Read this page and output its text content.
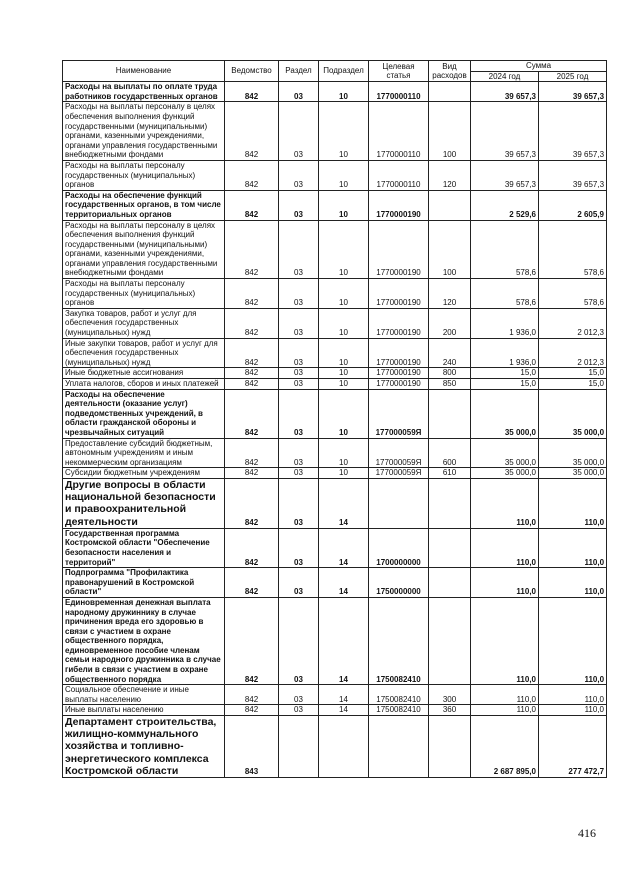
Наименование	Ведомство	Раздел	Подраздел	Целевая статья	Вид расходов	Сумма	
						2024 год	2025 год
Расходы на выплаты по оплате труда работников государственных органов	842	03	10	1770000110		39 657,3	39 657,3
Расходы на выплаты персоналу в целях обеспечения выполнения функций государственными (муниципальными) органами, казенными учреждениями, органами управления государственными внебюджетными фондами	842	03	10	1770000110	100	39 657,3	39 657,3
Расходы на выплаты персоналу государственных (муниципальных) органов	842	03	10	1770000110	120	39 657,3	39 657,3
Расходы на обеспечение функций государственных органов, в том числе территориальных органов	842	03	10	1770000190		2 529,6	2 605,9
Расходы на выплаты персоналу в целях обеспечения выполнения функций государственными (муниципальными) органами, казенными учреждениями, органами управления государственными внебюджетными фондами	842	03	10	1770000190	100	578,6	578,6
Расходы на выплаты персоналу государственных (муниципальных) органов	842	03	10	1770000190	120	578,6	578,6
Закупка товаров, работ и услуг для обеспечения государственных (муниципальных) нужд	842	03	10	1770000190	200	1 936,0	2 012,3
Иные закупки товаров, работ и услуг для обеспечения государственных (муниципальных) нужд	842	03	10	1770000190	240	1 936,0	2 012,3
Иные бюджетные ассигнования	842	03	10	1770000190	800	15,0	15,0
Уплата налогов, сборов и иных платежей	842	03	10	1770000190	850	15,0	15,0
Расходы на обеспечение деятельности (оказание услуг) подведомственных учреждений, в области гражданской обороны и чрезвычайных ситуаций	842	03	10	177000059Я		35 000,0	35 000,0
Предоставление субсидий бюджетным, автономным учреждениям и иным некоммерческим организациям	842	03	10	177000059Я	600	35 000,0	35 000,0
Субсидии бюджетным учреждениям	842	03	10	177000059Я	610	35 000,0	35 000,0
Другие вопросы в области национальной безопасности и правоохранительной деятельности	842	03	14			110,0	110,0
Государственная программа Костромской области "Обеспечение безопасности населения и территорий"	842	03	14	1700000000		110,0	110,0
Подпрограмма "Профилактика правонарушений в Костромской области"	842	03	14	1750000000		110,0	110,0
Единовременная денежная выплата народному дружиннику в случае причинения вреда его здоровью в связи с участием в охране общественного порядка, единовременное пособие членам семьи народного дружинника в случае гибели в связи с участием в охране общественного порядка	842	03	14	1750082410		110,0	110,0
Социальное обеспечение и иные выплаты населению	842	03	14	1750082410	300	110,0	110,0
Иные выплаты населению	842	03	14	1750082410	360	110,0	110,0
Департамент строительства, жилищно-коммунального хозяйства и топливно-энергетического комплекса Костромской области	843					2 687 895,0	277 472,7
416
